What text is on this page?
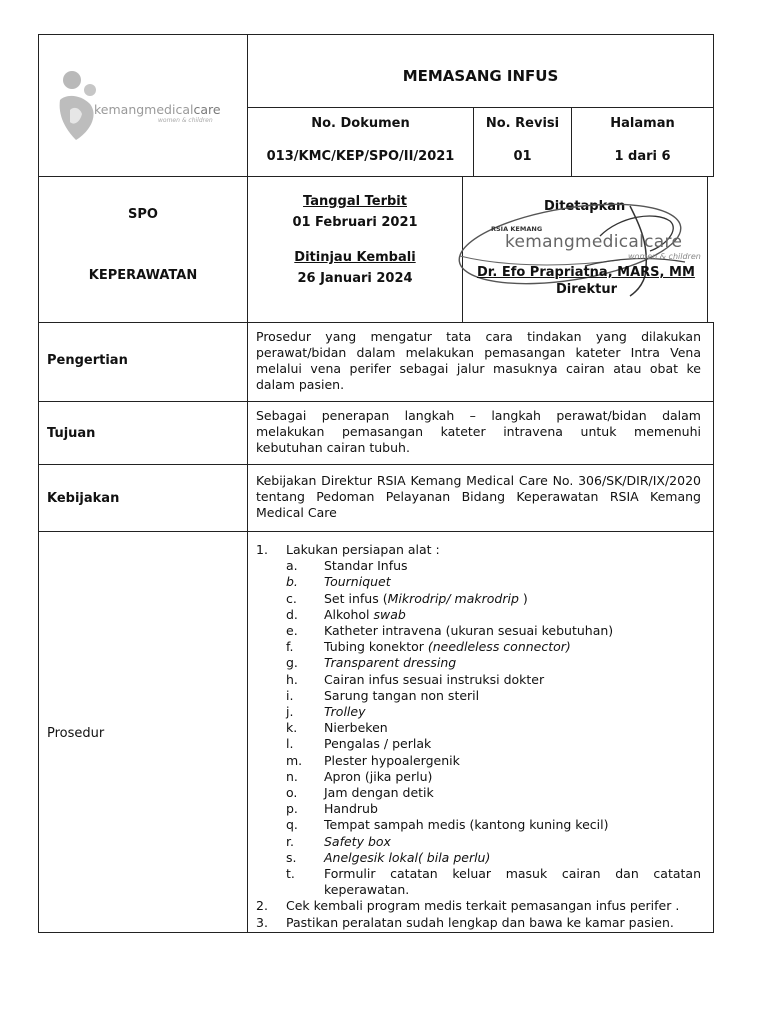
kemangmedicalcare
women & children
MEMASANG INFUS
No. Dokumen
013/KMC/KEP/SPO/II/2021
No. Revisi
01
Halaman
1 dari 6
SPO
KEPERAWATAN
Tanggal Terbit
01 Februari 2021
Ditinjau Kembali
26 Januari 2024
Ditetapkan
RSIA KEMANG
kemangmedicalcare
women & children
Dr. Efo Prapriatna, MARS, MM
Direktur
Pengertian
Prosedur yang mengatur tata cara tindakan yang dilakukan perawat/bidan dalam melakukan pemasangan kateter Intra Vena melalui vena perifer sebagai jalur masuknya cairan atau obat ke dalam pasien.
Tujuan
Sebagai penerapan langkah – langkah perawat/bidan dalam melakukan pemasangan kateter intravena untuk memenuhi kebutuhan cairan tubuh.
Kebijakan
Kebijakan Direktur RSIA Kemang Medical Care No. 306/SK/DIR/IX/2020 tentang Pedoman Pelayanan Bidang Keperawatan RSIA Kemang Medical Care
Prosedur
1.	Lakukan persiapan alat :
a.	Standar Infus
b.	Tourniquet
c.	Set infus (Mikrodrip/ makrodrip )
d.	Alkohol swab
e.	Katheter intravena (ukuran sesuai kebutuhan)
f.	Tubing konektor (needleless connector)
g.	Transparent dressing
h.	Cairan infus sesuai instruksi dokter
i.	Sarung tangan non steril
j.	Trolley
k.	Nierbeken
l.	Pengalas / perlak
m.	Plester hypoalergenik
n.	Apron (jika perlu)
o.	Jam dengan detik
p.	Handrub
q.	Tempat sampah medis (kantong kuning kecil)
r.	Safety box
s.	Anelgesik lokal( bila perlu)
t.	Formulir catatan keluar masuk cairan dan catatan keperawatan.
2.	Cek kembali program medis terkait pemasangan infus perifer .
3.	Pastikan peralatan sudah lengkap dan bawa ke kamar pasien.
